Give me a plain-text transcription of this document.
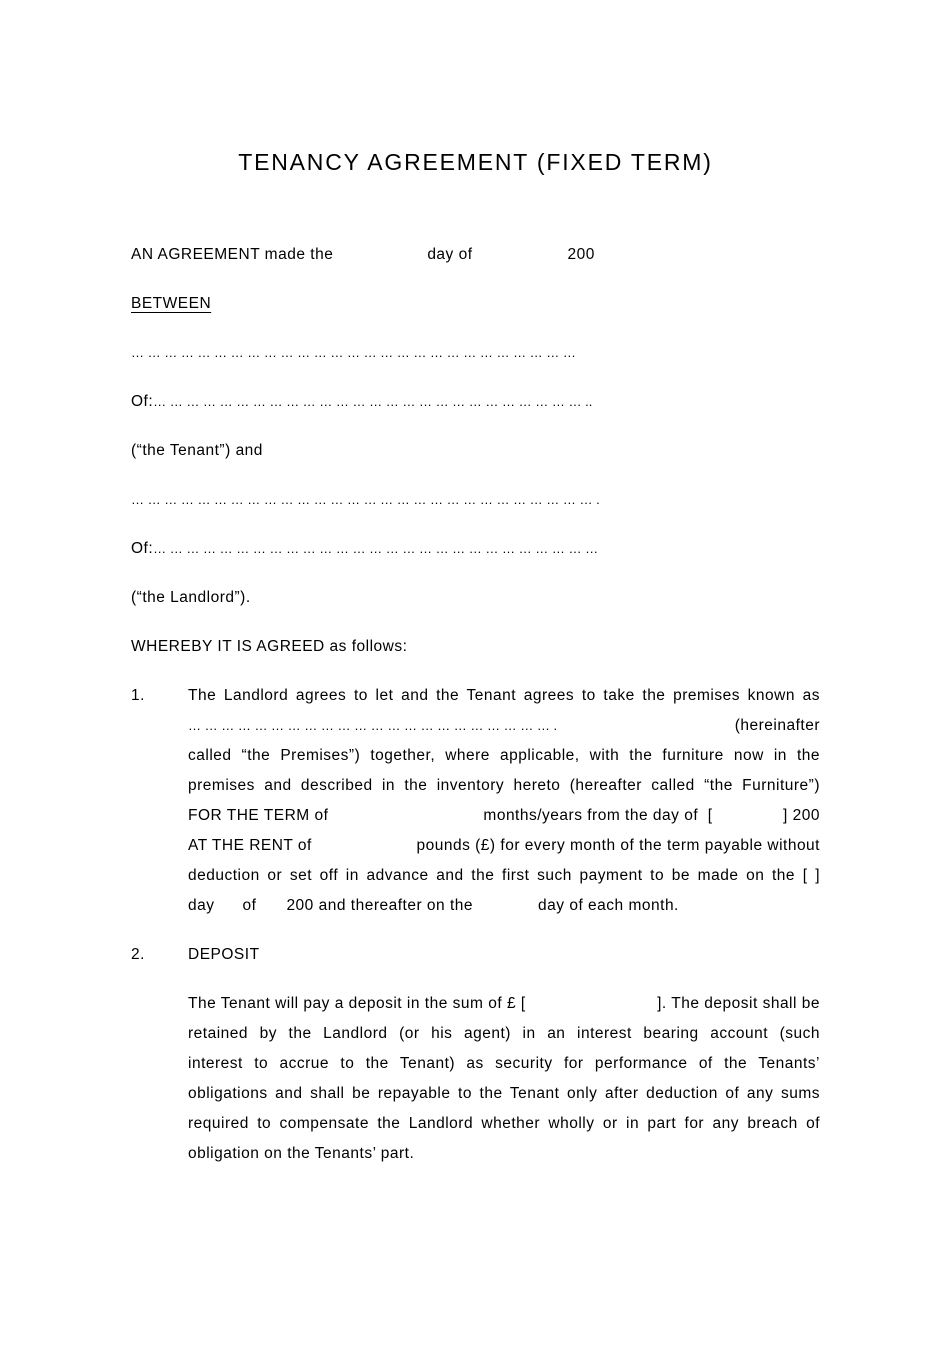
TENANCY AGREEMENT (FIXED TERM)
AN AGREEMENT made the	day of	200
BETWEEN
… … … … … … … … … … … … … … … … … … … … … … … … … … …
Of:… … … … … … … … … … … … … … … … … … … … … … … … … … ..
(“the Tenant”) and
… … … … … … … … … … … … … … … … … … … … … … … … … … … … .
Of:… … … … … … … … … … … … … … … … … … … … … … … … … … …
(“the Landlord”).
WHEREBY IT IS AGREED as follows:
1.	The Landlord agrees to let and the Tenant agrees to take the premises known as
… … … … … … … … … … … … … … … … … … … … … … .	(hereinafter
called “the Premises”) together, where applicable, with the furniture now in the
premises and described in the inventory hereto (hereafter called “the Furniture”)
FOR THE TERM of	months/years from the day of  [	] 200
AT THE RENT of	pounds (£) for every month of the term payable without
deduction or set off in advance and the first such payment to be made on the [ ]
day of 200 and thereafter on the	day of each month.
2.	DEPOSIT
The Tenant will pay a deposit in the sum of £ [	]. The deposit shall be
retained by the Landlord (or his agent) in an interest bearing account (such
interest to accrue to the Tenant) as security for performance of the Tenants’
obligations and shall be repayable to the Tenant only after deduction of any sums
required to compensate the Landlord whether wholly or in part for any breach of
obligation on the Tenants’ part.
